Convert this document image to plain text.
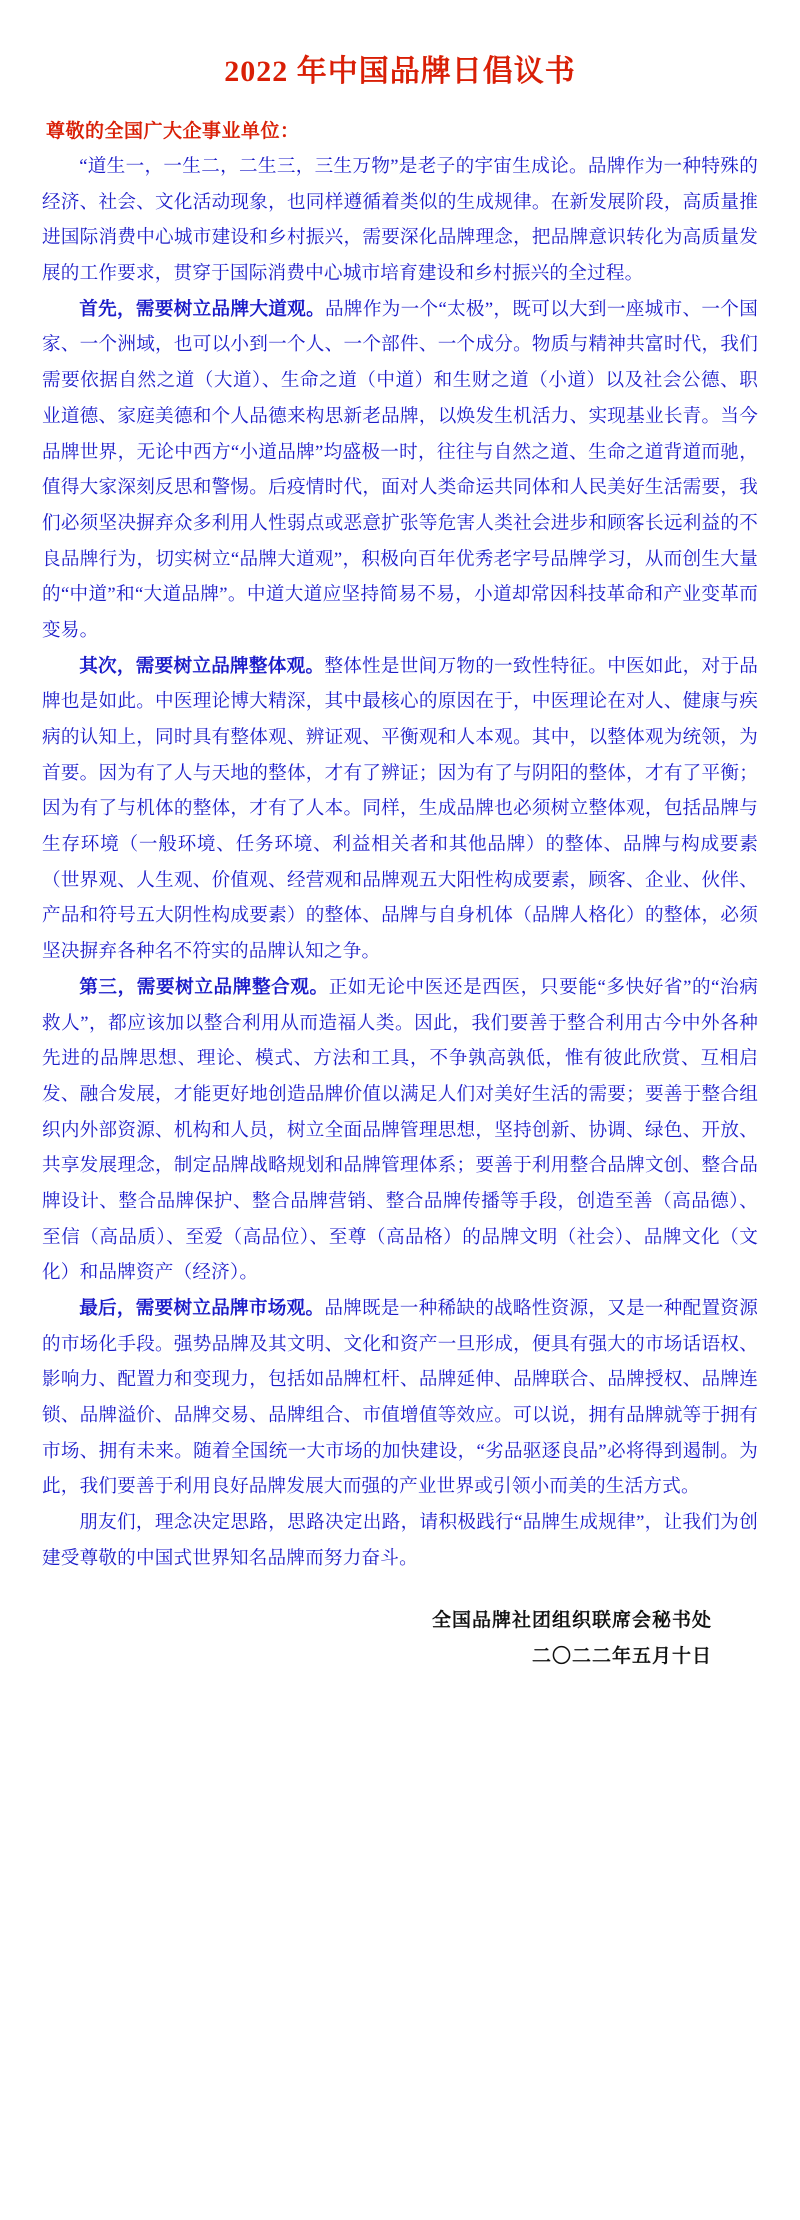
2022 年中国品牌日倡议书
尊敬的全国广大企事业单位：

“道生一，一生二，二生三，三生万物”是老子的宇宙生成论。品牌作为一种特殊的经济、社会、文化活动现象，也同样遵循着类似的生成规律。在新发展阶段，高质量推进国际消费中心城市建设和乡村振兴，需要深化品牌理念，把品牌意识转化为高质量发展的工作要求，贯穿于国际消费中心城市培育建设和乡村振兴的全过程。

首先，需要树立品牌大道观。品牌作为一个“太极”，既可以大到一座城市、一个国家、一个洲域，也可以小到一个人、一个部件、一个成分。物质与精神共富时代，我们需要依据自然之道（大道）、生命之道（中道）和生财之道（小道）以及社会公德、职业道德、家庭美德和个人品德来构思新老品牌，以焕发生机活力、实现基业长青。当今品牌世界，无论中西方“小道品牌”均盛极一时，往往与自然之道、生命之道背道而驰，值得大家深刻反思和警惕。后疫情时代，面对人类命运共同体和人民美好生活需要，我们必须坚决摒弃众多利用人性弱点或恶意扩张等危害人类社会进步和顾客长远利益的不良品牌行为，切实树立“品牌大道观”，积极向百年优秀老字号品牌学习，从而创生大量的“中道”和“大道品牌”。中道大道应坚持简易不易，小道却常因科技革命和产业变革而变易。

其次，需要树立品牌整体观。整体性是世间万物的一致性特征。中医如此，对于品牌也是如此。中医理论博大精深，其中最核心的原因在于，中医理论在对人、健康与疾病的认知上，同时具有整体观、辨证观、平衡观和人本观。其中，以整体观为统领，为首要。因为有了人与天地的整体，才有了辨证；因为有了与阴阳的整体，才有了平衡；因为有了与机体的整体，才有了人本。同样，生成品牌也必须树立整体观，包括品牌与生存环境（一般环境、任务环境、利益相关者和其他品牌）的整体、品牌与构成要素（世界观、人生观、价值观、经营观和品牌观五大阳性构成要素，顾客、企业、伙伴、产品和符号五大阴性构成要素）的整体、品牌与自身机体（品牌人格化）的整体，必须坚决摒弃各种名不符实的品牌认知之争。

第三，需要树立品牌整合观。正如无论中医还是西医，只要能“多快好省”的“治病救人”，都应该加以整合利用从而造福人类。因此，我们要善于整合利用古今中外各种先进的品牌思想、理论、模式、方法和工具，不争孰高孰低，惟有彼此欣赏、互相启发、融合发展，才能更好地创造品牌价值以满足人们对美好生活的需要；要善于整合组织内外部资源、机构和人员，树立全面品牌管理思想，坚持创新、协调、绿色、开放、共享发展理念，制定品牌战略规划和品牌管理体系；要善于利用整合品牌文创、整合品牌设计、整合品牌保护、整合品牌营销、整合品牌传播等手段，创造至善（高品德）、至信（高品质）、至爱（高品位）、至尊（高品格）的品牌文明（社会）、品牌文化（文化）和品牌资产（经济）。

最后，需要树立品牌市场观。品牌既是一种稀缺的战略性资源，又是一种配置资源的市场化手段。强势品牌及其文明、文化和资产一旦形成，便具有强大的市场话语权、影响力、配置力和变现力，包括如品牌杠杆、品牌延伸、品牌联合、品牌授权、品牌连锁、品牌溢价、品牌交易、品牌组合、市值增值等效应。可以说，拥有品牌就等于拥有市场、拥有未来。随着全国统一大市场的加快建设，“劣品驱逐良品”必将得到遏制。为此，我们要善于利用良好品牌发展大而强的产业世界或引领小而美的生活方式。

朋友们，理念决定思路，思路决定出路，请积极践行“品牌生成规律”，让我们为创建受尊敬的中国式世界知名品牌而努力奋斗。

全国品牌社团组织联席会秘书处
二〇二二年五月十日
